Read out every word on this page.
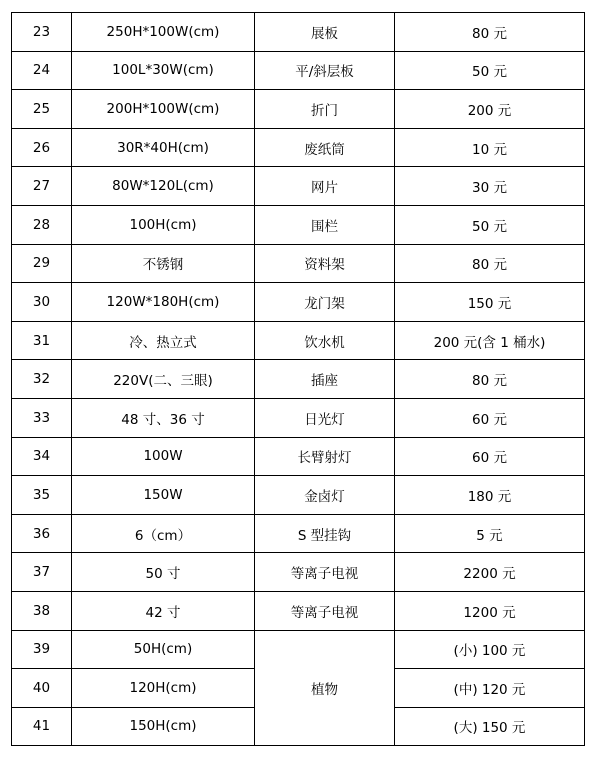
23	250H*100W(cm)	展板	80 元
24	100L*30W(cm)	平/斜层板	50 元
25	200H*100W(cm)	折门	200 元
26	30R*40H(cm)	废纸筒	10 元
27	80W*120L(cm)	网片	30 元
28	100H(cm)	围栏	50 元
29	不锈钢	资料架	80 元
30	120W*180H(cm)	龙门架	150 元
31	冷、热立式	饮水机	200 元(含 1 桶水)
32	220V(二、三眼)	插座	80 元
33	48 寸、36 寸	日光灯	60 元
34	100W	长臂射灯	60 元
35	150W	金卤灯	180 元
36	6（cm）	S 型挂钩	5 元
37	50 寸	等离子电视	2200 元
38	42 寸	等离子电视	1200 元
39	50H(cm)	植物	(小) 100 元
40	120H(cm)		(中) 120 元
41	150H(cm)		(大) 150 元
